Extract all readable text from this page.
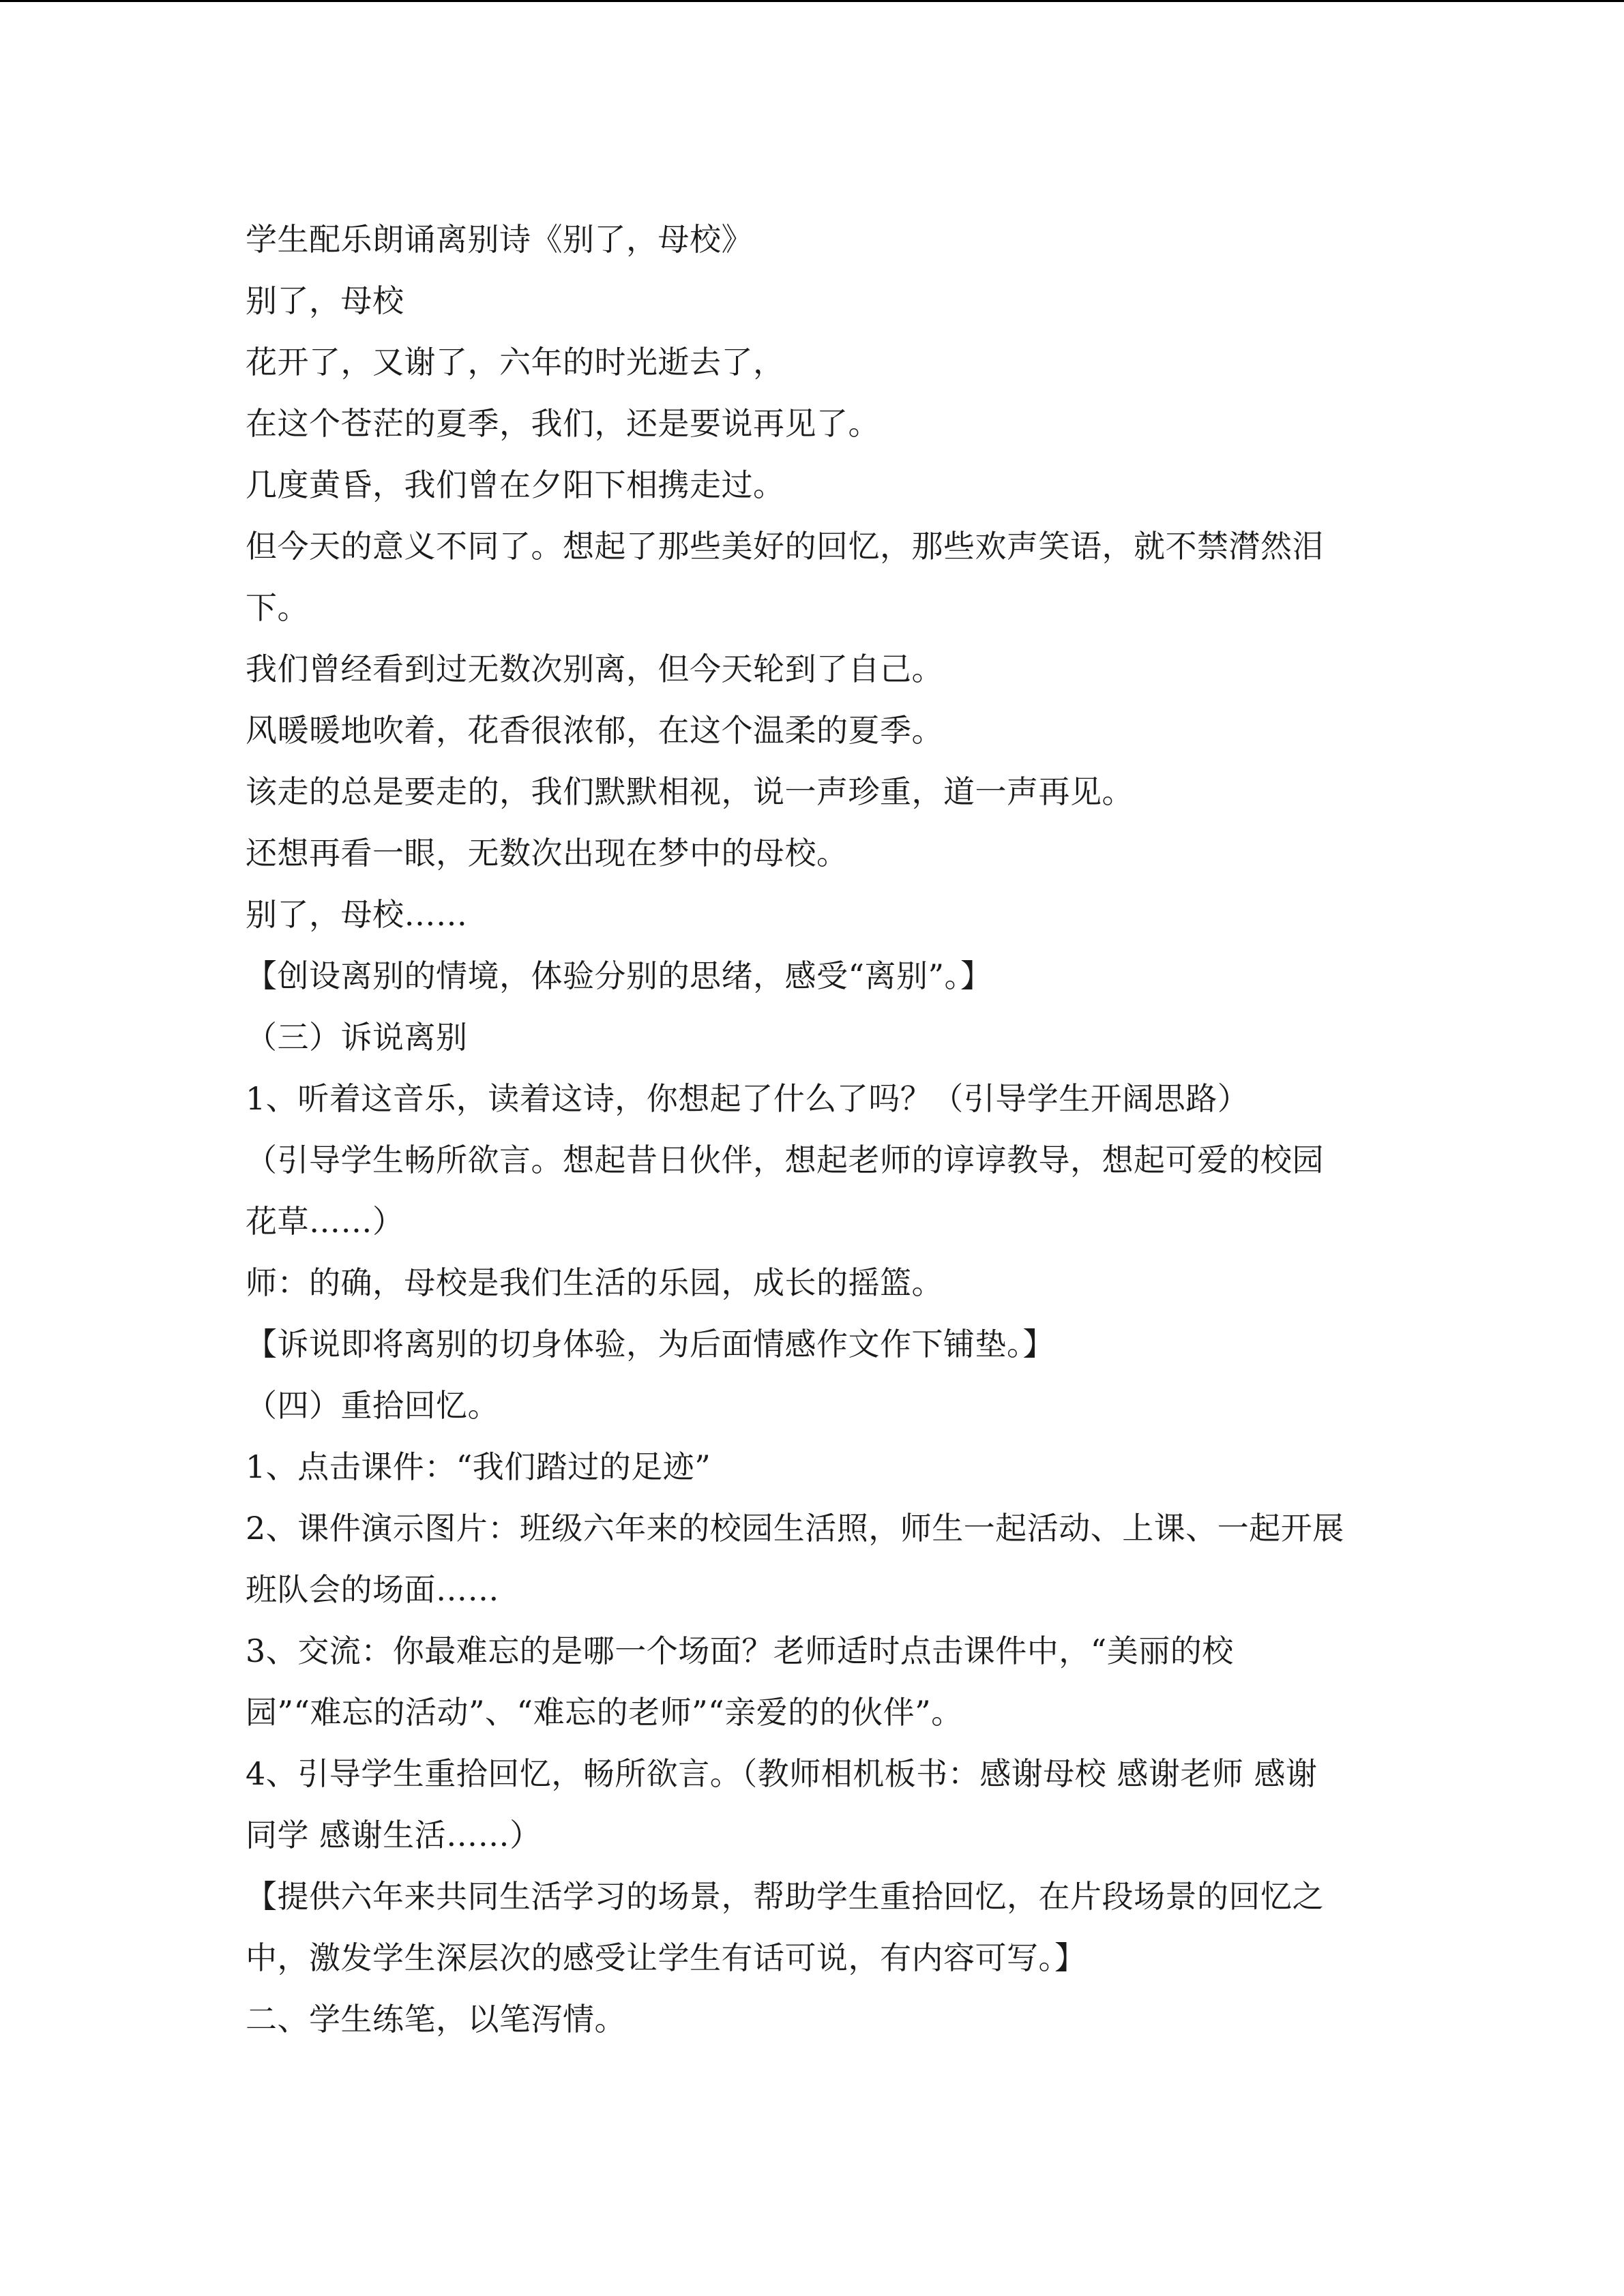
学生配乐朗诵离别诗《别了，母校》
别了，母校
花开了，又谢了，六年的时光逝去了，
在这个苍茫的夏季，我们，还是要说再见了。
几度黄昏，我们曾在夕阳下相携走过。
但今天的意义不同了。想起了那些美好的回忆，那些欢声笑语，就不禁潸然泪
下。
我们曾经看到过无数次别离，但今天轮到了自己。
风暖暖地吹着，花香很浓郁，在这个温柔的夏季。
该走的总是要走的，我们默默相视，说一声珍重，道一声再见。
还想再看一眼，无数次出现在梦中的母校。
别了，母校……
【创设离别的情境，体验分别的思绪，感受“离别”。】
（三）诉说离别
1、听着这音乐，读着这诗，你想起了什么了吗？（引导学生开阔思路）
（引导学生畅所欲言。想起昔日伙伴，想起老师的谆谆教导，想起可爱的校园
花草……）
师：的确，母校是我们生活的乐园，成长的摇篮。
【诉说即将离别的切身体验，为后面情感作文作下铺垫。】
（四）重拾回忆。
1、点击课件：“我们踏过的足迹”
2、课件演示图片：班级六年来的校园生活照，师生一起活动、上课、一起开展
班队会的场面……
3、交流：你最难忘的是哪一个场面？老师适时点击课件中，“美丽的校
园”“难忘的活动”、“难忘的老师”“亲爱的的伙伴”。
4、引导学生重拾回忆，畅所欲言。（教师相机板书：感谢母校 感谢老师 感谢
同学 感谢生活……）
【提供六年来共同生活学习的场景，帮助学生重拾回忆，在片段场景的回忆之
中，激发学生深层次的感受让学生有话可说，有内容可写。】
二、学生练笔，以笔泻情。
